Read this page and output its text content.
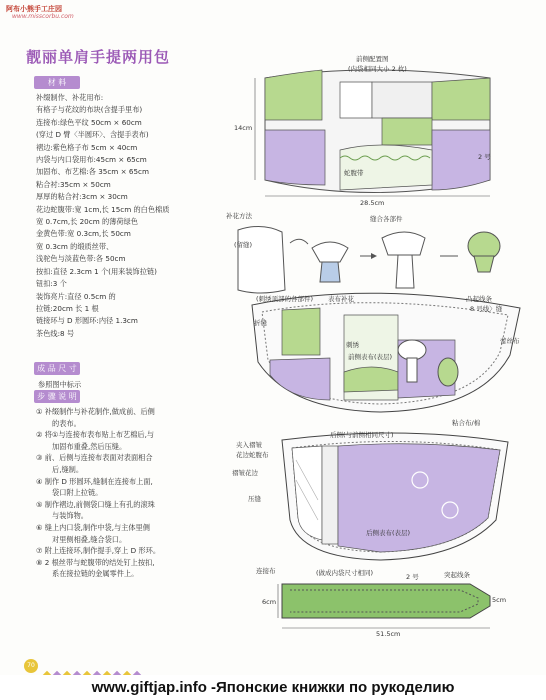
阿布小熊手工庄园
www.misscorbu.com
靓丽单肩手提两用包
材 料
补缀制作、补花用布:
有格子与花纹的布块(含提手里布)
连接布:绿色平纹 50cm × 60cm
(穿过 D 臂〈半圆环〉、含提手表布)
褶边:紫色格子布 5cm × 40cm
内袋与内口袋用布:45cm × 65cm
加固布、布艺棉:各 35cm × 65cm
粘合衬:35cm × 50cm
厚厚的粘合衬:3cm × 30cm
花边蛇腹带:宽 1cm,长 15cm 的白色棉质
宽 0.7cm,长 20cm 的薄荷绿色
金黄色带:宽 0.3cm,长 50cm
宽 0.3cm 的缎质丝带、
浅驼色与淡蓝色带:各 50cm
按扣:直径 2.3cm 1 个(用来装饰拉链)
钮扣:3 个
装饰亮片:直径 0.5cm 的
拉链:20cm 长 1 根
链接环与 D 形圆环:内径 1.3cm
茶色线:8 号
成 品 尺 寸
参照图中标示
步 骤 说 明
① 补缀制作与补花制作,做成前、后侧
的表布。
② 将①与连接布表布贴上布艺棉后,与
加固布重叠,然后压缝。
③ 前、后侧与连接布表面对表面相合
后,缝制。
④ 制作 D 形圆环,缝制在连接布上面,
袋口附上拉链。
⑤ 制作褶边,前侧袋口缝上有孔的滚珠
与装饰物。
⑥ 缝上内口袋,制作中袋,与主体里侧
对里侧相叠,缝合袋口。
⑦ 附上连接环,制作提手,穿上 D 形环。
⑧ 2 根丝带与蛇腹带的结处钉上按扣,
系在接拉链的金属零件上。
前侧配置图
(内袋相同大小 2 枚)
14cm
28.5cm
2 号
蛇腹带
补花方法	缝合各部件
(留缝)
(刺绣顶部的各部件) 表布补花	凸起线条
8 号线〉缝
折缝
蕾丝布
刺绣
前侧表布(表层)
粘合布/棉
后侧(与前侧相同尺寸)
夹入褶皱
花边蛇腹布
褶皱花边
压缝
后侧表布(表层)
连接布	(做成内袋尺寸相同)	突起线条
6cm	5cm
51.5cm
2 号
70
www.giftjap.info -Японские книжки по рукоделию
